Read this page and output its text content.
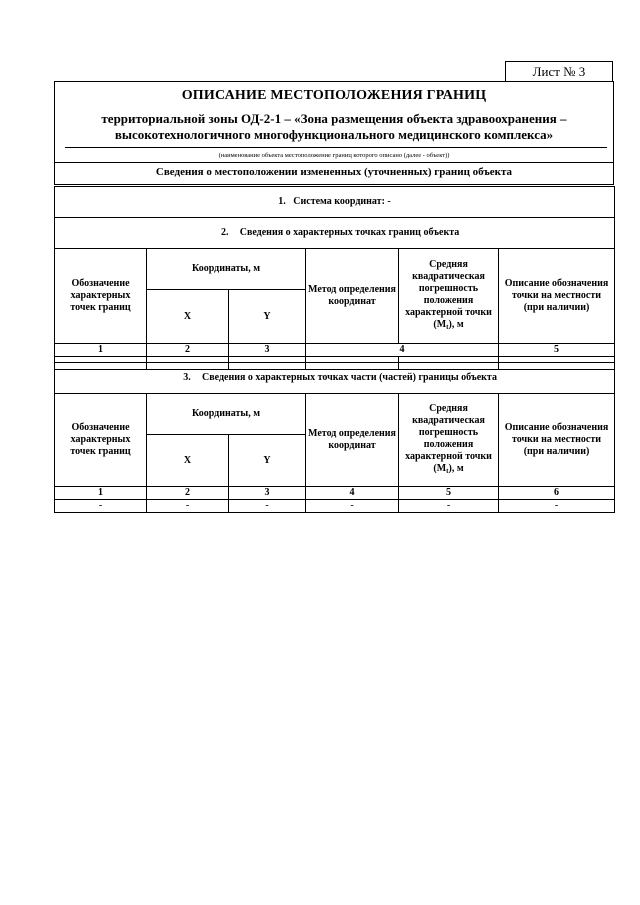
Лист № 3
ОПИСАНИЕ МЕСТОПОЛОЖЕНИЯ ГРАНИЦ
территориальной зоны ОД-2-1 – «Зона размещения объекта здравоохранения – высокотехнологичного многофункционального медицинского комплекса»
(наименование объекта местоположение границ которого описано (далее - объект))
Сведения о местоположении измененных (уточненных) границ объекта
1. Система координат: -					
2. Сведения о характерных точках границ объекта					
Обозначение характерных точек границ	Координаты, м		Метод определения координат	Средняя квадратическая погрешность положения характерной точки $(M_t)$, м	Описание обозначения точки на местности (при наличии)
	X	Y			
1	2	3	4		5
-	-	-	-	-	-
3. Сведения о характерных точках части (частей) границы объекта					
Обозначение характерных точек границ	Координаты, м		Метод определения координат	Средняя квадратическая погрешность положения характерной точки $(M_t)$, м	Описание обозначения точки на местности (при наличии)
	X	Y			
1	2	3	4	5	6
-	-	-	-	-	-
